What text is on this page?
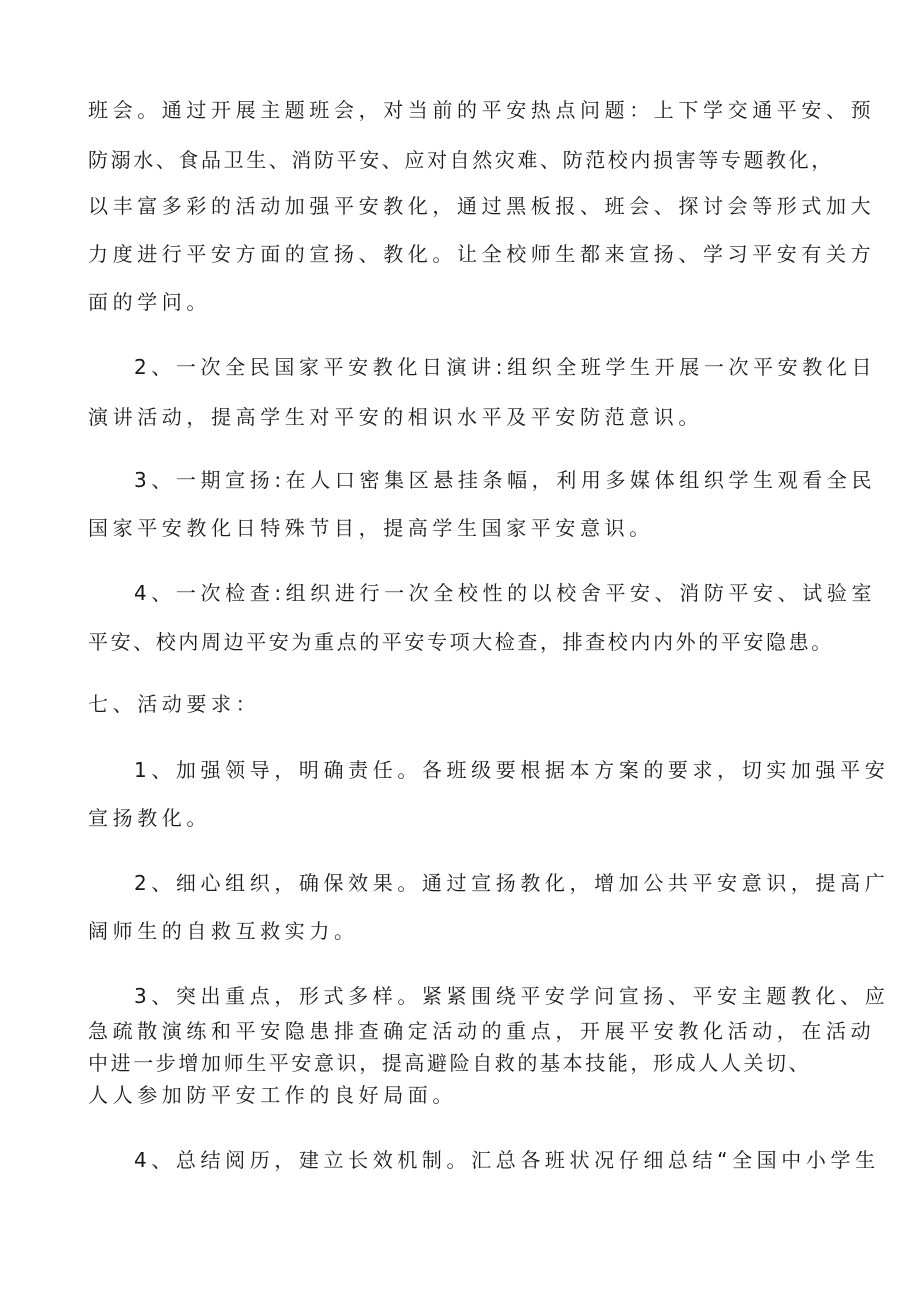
班会。通过开展主题班会，对当前的平安热点问题：上下学交通平安、预
防溺水、食品卫生、消防平安、应对自然灾难、防范校内损害等专题教化，
以丰富多彩的活动加强平安教化，通过黑板报、班会、探讨会等形式加大
力度进行平安方面的宣扬、教化。让全校师生都来宣扬、学习平安有关方
面的学问。
2、一次全民国家平安教化日演讲:组织全班学生开展一次平安教化日
演讲活动，提高学生对平安的相识水平及平安防范意识。
3、一期宣扬:在人口密集区悬挂条幅，利用多媒体组织学生观看全民
国家平安教化日特殊节目，提高学生国家平安意识。
4、一次检查:组织进行一次全校性的以校舍平安、消防平安、试验室
平安、校内周边平安为重点的平安专项大检查，排查校内内外的平安隐患。
七、活动要求：
1、加强领导，明确责任。各班级要根据本方案的要求，切实加强平安
宣扬教化。
2、细心组织，确保效果。通过宣扬教化，增加公共平安意识，提高广
阔师生的自救互救实力。
3、突出重点，形式多样。紧紧围绕平安学问宣扬、平安主题教化、应
急疏散演练和平安隐患排查确定活动的重点，开展平安教化活动，在活动
中进一步增加师生平安意识，提高避险自救的基本技能，形成人人关切、
人人参加防平安工作的良好局面。
4、总结阅历，建立长效机制。汇总各班状况仔细总结“全国中小学生
